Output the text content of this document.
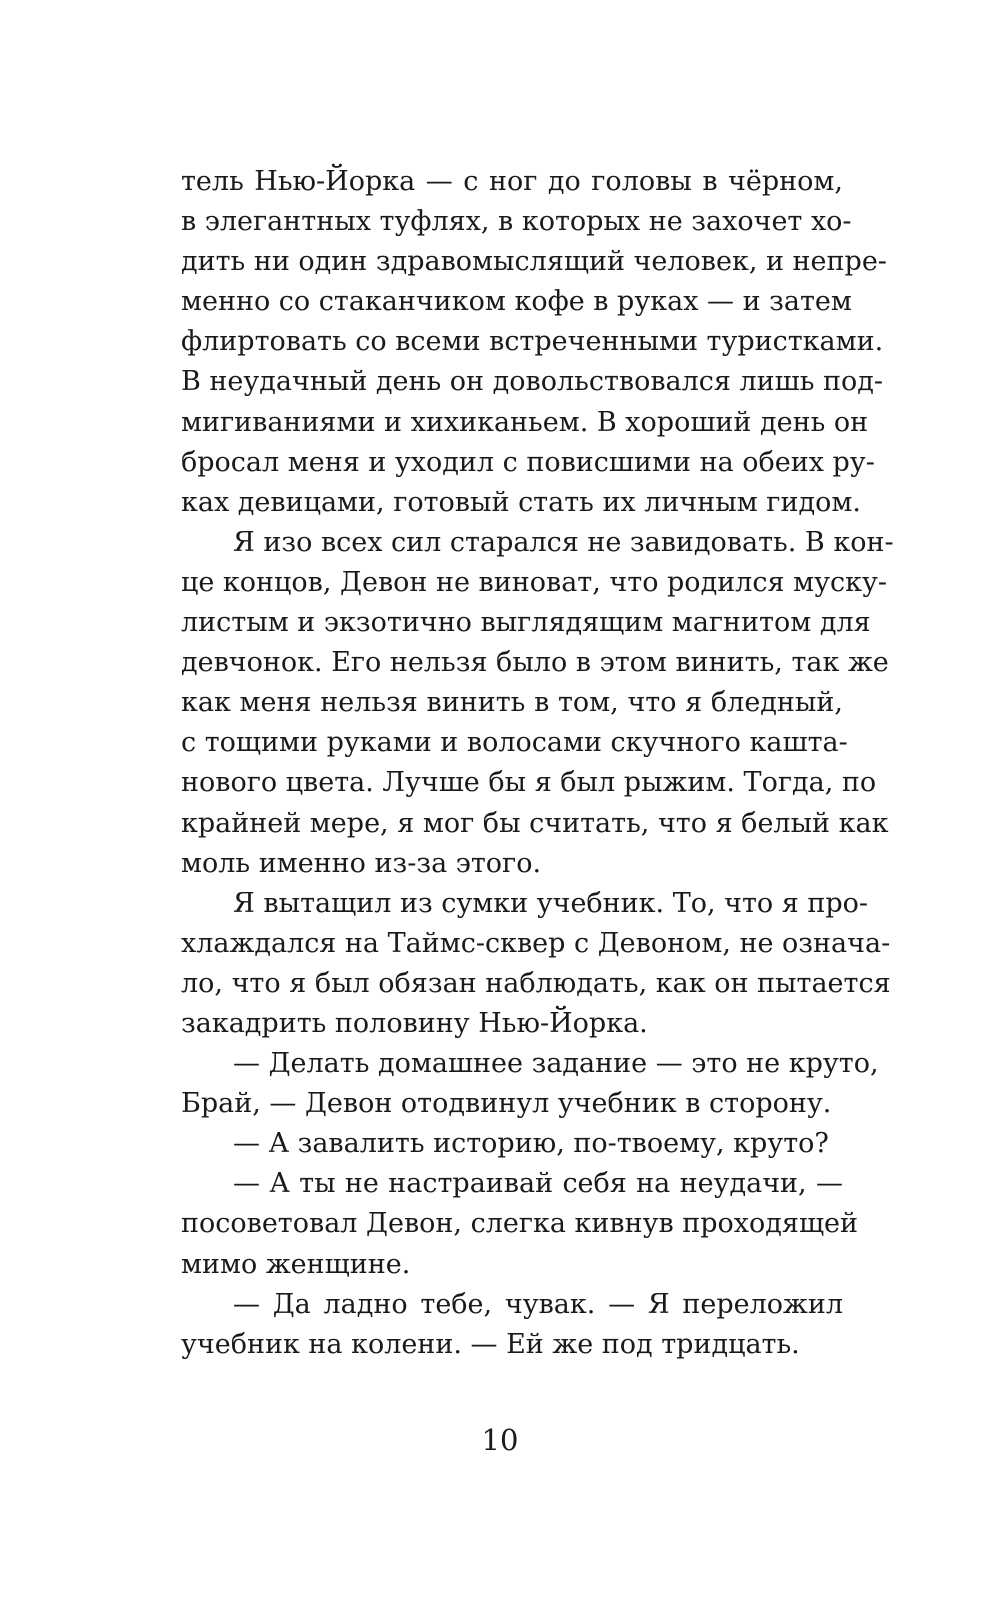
тель Нью-Йорка — с ног до головы в чёрном,
в элегантных туфлях, в которых не захочет хо-
дить ни один здравомыслящий человек, и непре-
менно со стаканчиком кофе в руках — и затем
флиртовать со всеми встреченными туристками.
В неудачный день он довольствовался лишь под-
мигиваниями и хихиканьем. В хороший день он
бросал меня и уходил с повисшими на обеих ру-
ках девицами, готовый стать их личным гидом.
Я изо всех сил старался не завидовать. В кон-
це концов, Девон не виноват, что родился муску-
листым и экзотично выглядящим магнитом для
девчонок. Его нельзя было в этом винить, так же
как меня нельзя винить в том, что я бледный,
с тощими руками и волосами скучного кашта-
нового цвета. Лучше бы я был рыжим. Тогда, по
крайней мере, я мог бы считать, что я белый как
моль именно из-за этого.
Я вытащил из сумки учебник. То, что я про-
хлаждался на Таймс-сквер с Девоном, не означа-
ло, что я был обязан наблюдать, как он пытается
закадрить половину Нью-Йорка.
— Делать домашнее задание — это не круто,
Брай, — Девон отодвинул учебник в сторону.
— А завалить историю, по-твоему, круто?
— А ты не настраивай себя на неудачи, —
посоветовал Девон, слегка кивнув проходящей
мимо женщине.
— Да ладно тебе, чувак. — Я переложил
учебник на колени. — Ей же под тридцать.
10
